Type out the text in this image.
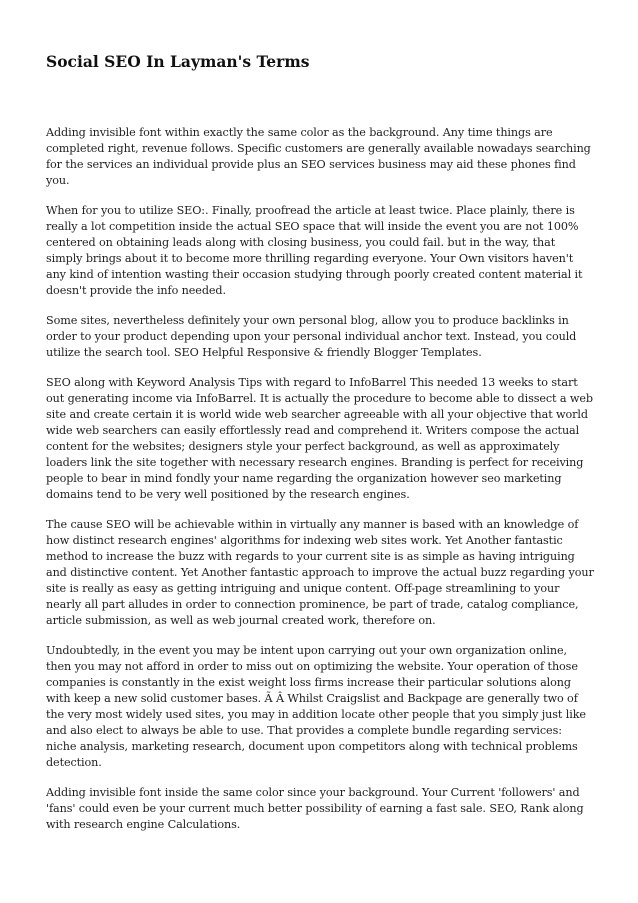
Social SEO In Layman's Terms

Adding invisible font within exactly the same color as the background. Any time things are completed right, revenue follows. Specific customers are generally available nowadays searching for the services an individual provide plus an SEO services business may aid these phones find you.

When for you to utilize SEO:. Finally, proofread the article at least twice. Place plainly, there is really a lot competition inside the actual SEO space that will inside the event you are not 100% centered on obtaining leads along with closing business, you could fail. but in the way, that simply brings about it to become more thrilling regarding everyone. Your Own visitors haven't any kind of intention wasting their occasion studying through poorly created content material it doesn't provide the info needed.

Some sites, nevertheless definitely your own personal blog, allow you to produce backlinks in order to your product depending upon your personal individual anchor text. Instead, you could utilize the search tool. SEO Helpful Responsive & friendly Blogger Templates.

SEO along with Keyword Analysis Tips with regard to InfoBarrel This needed 13 weeks to start out generating income via InfoBarrel. It is actually the procedure to become able to dissect a web site and create certain it is world wide web searcher agreeable with all your objective that world wide web searchers can easily effortlessly read and comprehend it. Writers compose the actual content for the websites; designers style your perfect background, as well as approximately loaders link the site together with necessary research engines. Branding is perfect for receiving people to bear in mind fondly your name regarding the organization however seo marketing domains tend to be very well positioned by the research engines.

The cause SEO will be achievable within in virtually any manner is based with an knowledge of how distinct research engines' algorithms for indexing web sites work. Yet Another fantastic method to increase the buzz with regards to your current site is as simple as having intriguing and distinctive content. Yet Another fantastic approach to improve the actual buzz regarding your site is really as easy as getting intriguing and unique content. Off-page streamlining to your nearly all part alludes in order to connection prominence, be part of trade, catalog compliance, article submission, as well as web journal created work, therefore on.

Undoubtedly, in the event you may be intent upon carrying out your own organization online, then you may not afford in order to miss out on optimizing the website. Your operation of those companies is constantly in the exist weight loss firms increase their particular solutions along with keep a new solid customer bases. Ã Â Whilst Craigslist and Backpage are generally two of the very most widely used sites, you may in addition locate other people that you simply just like and also elect to always be able to use. That provides a complete bundle regarding services: niche analysis, marketing research, document upon competitors along with technical problems detection.

Adding invisible font inside the same color since your background. Your Current 'followers' and 'fans' could even be your current much better possibility of earning a fast sale. SEO, Rank along with research engine Calculations.
